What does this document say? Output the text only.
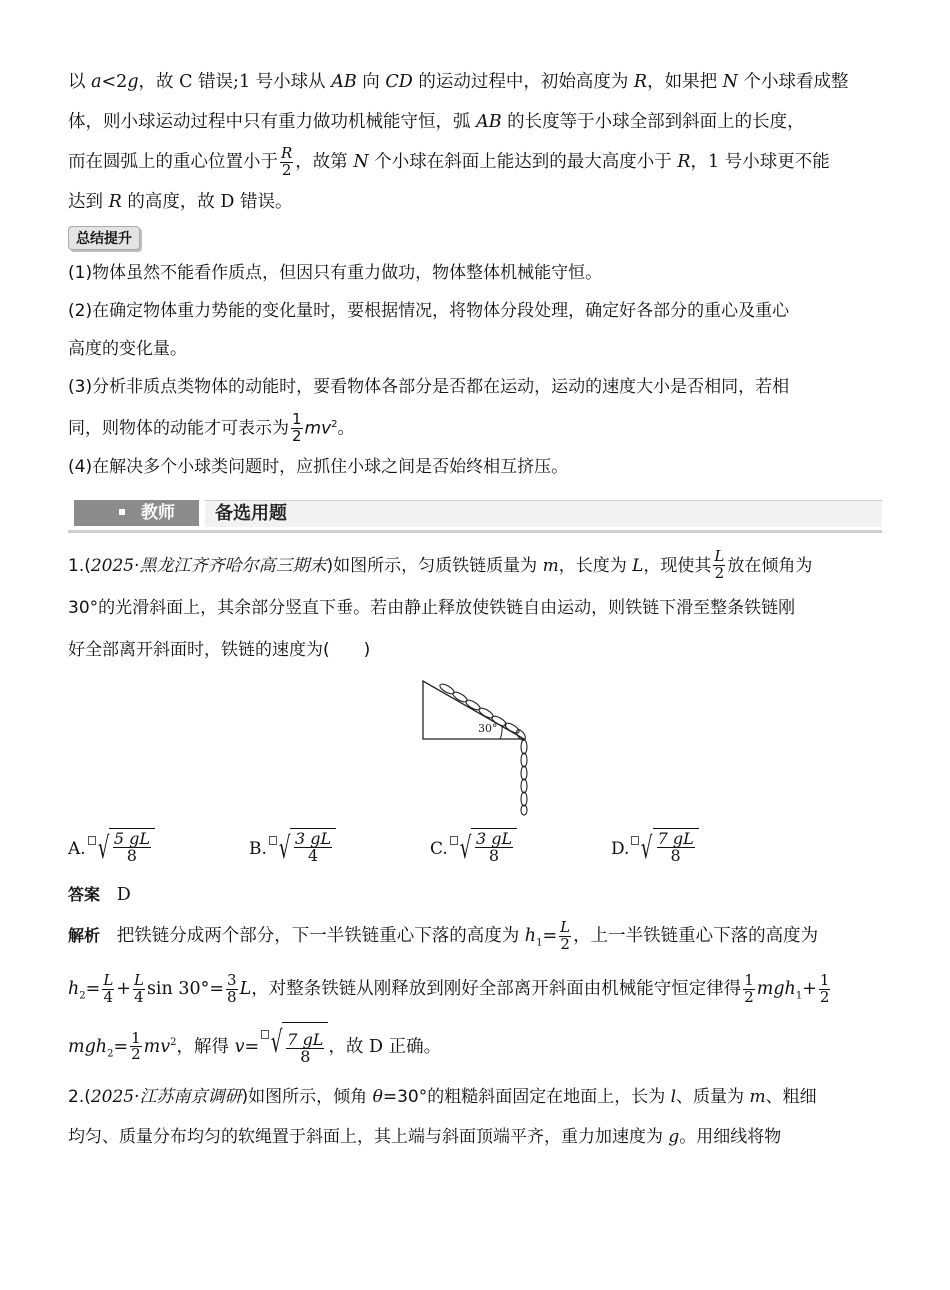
以 a<2g，故 C 错误;1 号小球从 AB 向 CD 的运动过程中，初始高度为 R，如果把 N 个小球看成整
体，则小球运动过程中只有重力做功机械能守恒，弧 AB 的长度等于小球全部到斜面上的长度，
而在圆弧上的重心位置小于 $\frac{R}{2}$ ，故第 N 个小球在斜面上能达到的最大高度小于 R，1 号小球更不能
达到 R 的高度，故 D 错误。

总结提升

(1)物体虽然不能看作质点，但因只有重力做功，物体整体机械能守恒。

(2)在确定物体重力势能的变化量时，要根据情况，将物体分段处理，确定好各部分的重心及重心
高度的变化量。

(3)分析非质点类物体的动能时，要看物体各部分是否都在运动，运动的速度大小是否相同，若相
同，则物体的动能才可表示为 $\frac{1}{2} mv^2$。

(4)在解决多个小球类问题时，应抓住小球之间是否始终相互挤压。

教师	备选用题

1.(2025·黑龙江齐齐哈尔高三期末)如图所示，匀质铁链质量为 m，长度为 L，现使其 $\frac{L}{2}$ 放在倾角为
30°的光滑斜面上，其余部分竖直下垂。若由静止释放使铁链自由运动，则铁链下滑至整条铁链刚
好全部离开斜面时，铁链的速度为(　　)

30°
A. √ $\frac{5 gL}{8}$	B. √ $\frac{3 gL}{4}$	C. √ $\frac{3 gL}{8}$	D. √ $\frac{7 gL}{8}$

答案 D

解析 把铁链分成两个部分，下一半铁链重心下落的高度为 $h_1= \frac{L}{2}$ ，上一半铁链重心下落的高度为
$h_2= \frac{L}{4} + \frac{L}{4}$ $\sin 30^\circ= \frac{3}{8}$ L，对整条铁链从刚释放到刚好全部离开斜面由机械能守恒定律得 $\frac{1}{2} mgh_1+ \frac{1}{2}$

$mgh_2= \frac{1}{2} mv^2$，解得 v= √ $\frac{7 gL}{8}$ ，故 D 正确。

2.(2025·江苏南京调研)如图所示，倾角 θ=30°的粗糙斜面固定在地面上，长为 l、质量为 m、粗细
均匀、质量分布均匀的软绳置于斜面上，其上端与斜面顶端平齐，重力加速度为 g。用细线将物
